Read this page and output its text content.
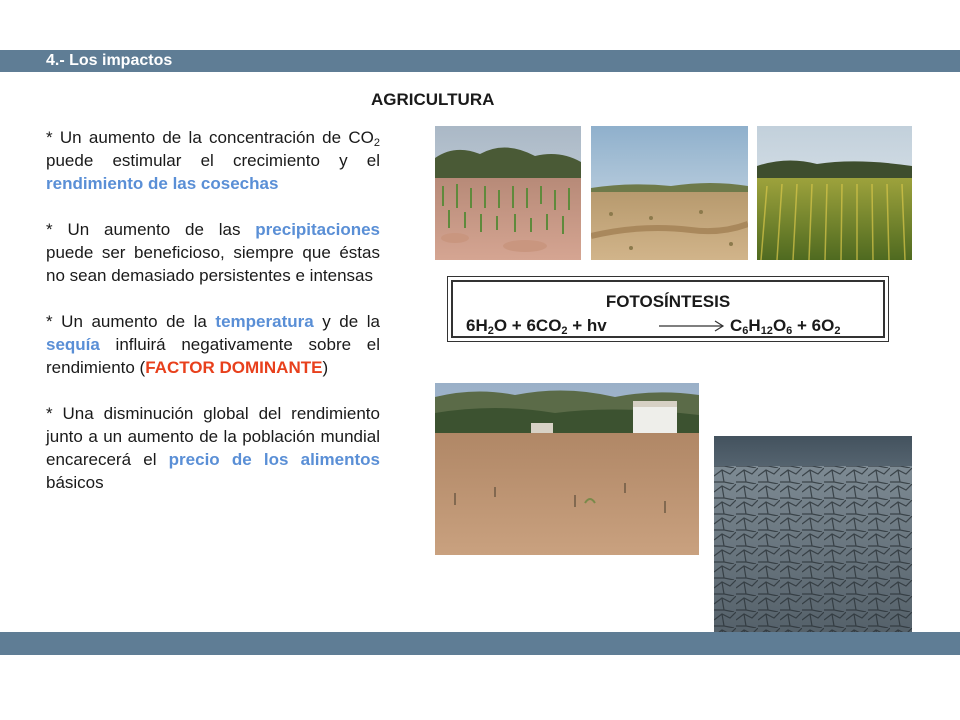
4.- Los impactos
AGRICULTURA

* Un aumento de la concentración de $CO_2$ puede estimular el crecimiento y el rendimiento de las cosechas

* Un aumento de las precipitaciones puede ser beneficioso, siempre que éstas no sean demasiado persistentes e intensas

* Un aumento de la temperatura y de la sequía influirá negativamente sobre el rendimiento (FACTOR DOMINANTE)

* Una disminución global del rendimiento junto a un aumento de la población mundial encarecerá el precio de los alimentos básicos

FOTOSÍNTESIS
$6H_2O + 6CO_2$ + hv	$C_6H_{12}O_6 + 6O_2$
